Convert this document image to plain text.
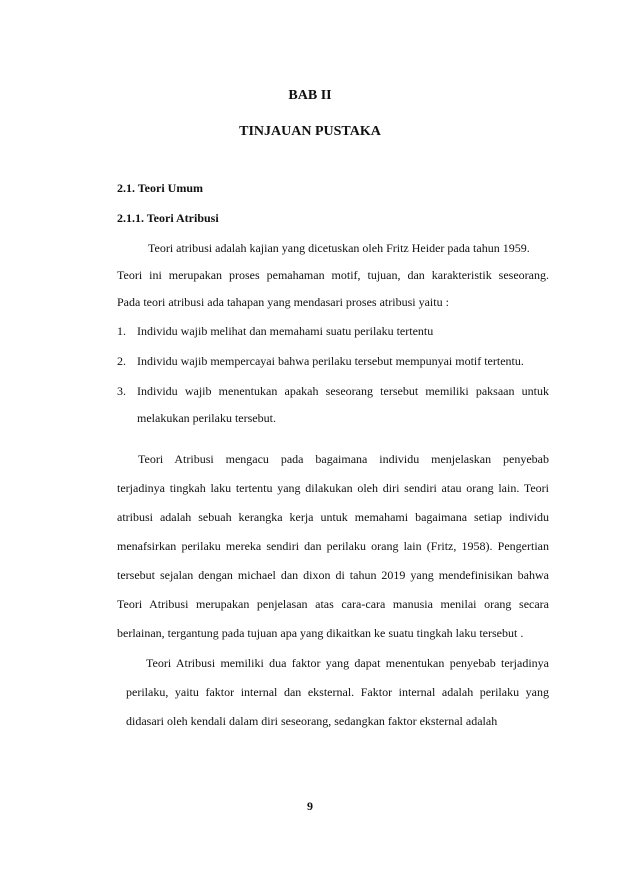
BAB II
TINJAUAN PUSTAKA
2.1. Teori Umum
2.1.1. Teori Atribusi
Teori atribusi adalah kajian yang dicetuskan oleh Fritz Heider pada tahun 1959.
Teori ini merupakan proses pemahaman motif, tujuan, dan karakteristik seseorang.
Pada teori atribusi ada tahapan yang mendasari proses atribusi yaitu :
1. Individu wajib melihat dan memahami suatu perilaku tertentu
2. Individu wajib mempercayai bahwa perilaku tersebut mempunyai motif tertentu.
3. Individu wajib menentukan apakah seseorang tersebut memiliki paksaan untuk
melakukan perilaku tersebut.
Teori Atribusi mengacu pada bagaimana individu menjelaskan penyebab
terjadinya tingkah laku tertentu yang dilakukan oleh diri sendiri atau orang lain. Teori
atribusi adalah sebuah kerangka kerja untuk memahami bagaimana setiap individu
menafsirkan perilaku mereka sendiri dan perilaku orang lain (Fritz, 1958). Pengertian
tersebut sejalan dengan michael dan dixon di tahun 2019 yang mendefinisikan bahwa
Teori Atribusi merupakan penjelasan atas cara-cara manusia menilai orang secara
berlainan, tergantung pada tujuan apa yang dikaitkan ke suatu tingkah laku tersebut .
Teori Atribusi memiliki dua faktor yang dapat menentukan penyebab terjadinya
perilaku, yaitu faktor internal dan eksternal. Faktor internal adalah perilaku yang
didasari oleh kendali dalam diri seseorang, sedangkan faktor eksternal adalah
9
